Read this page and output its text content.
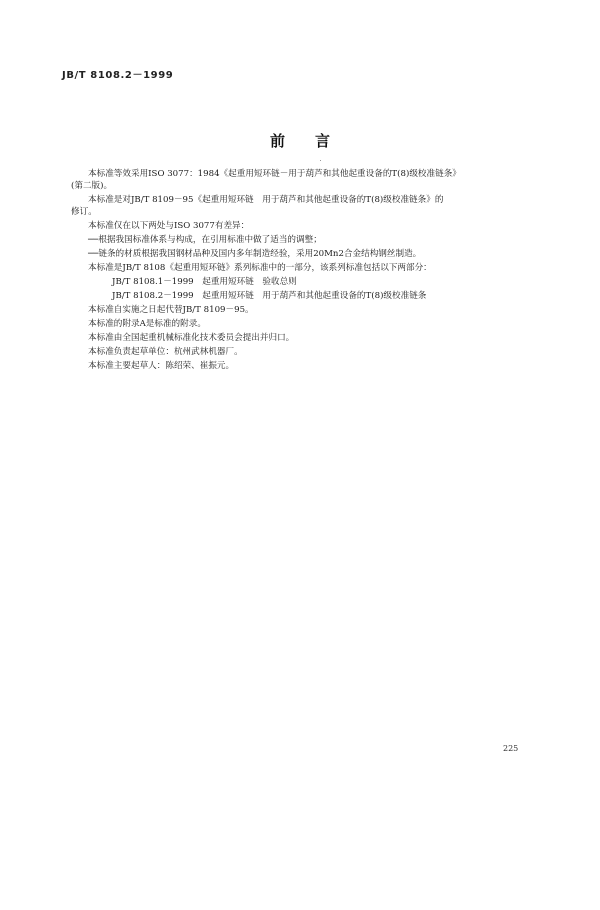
JB/T 8108.2－1999
前言
本标准等效采用ISO 3077：1984《起重用短环链－用于葫芦和其他起重设备的T(8)级校准链条》
(第二版)。
本标准是对JB/T 8109－95《起重用短环链　用于葫芦和其他起重设备的T(8)级校准链条》的
修订。
本标准仅在以下两处与ISO 3077有差异：
──根据我国标准体系与构成，在引用标准中做了适当的调整；
──链条的材质根据我国钢材品种及国内多年制造经验，采用20Mn2合金结构钢丝制造。
本标准是JB/T 8108《起重用短环链》系列标准中的一部分，该系列标准包括以下两部分：
JB/T 8108.1－1999　起重用短环链　验收总则
JB/T 8108.2－1999　起重用短环链　用于葫芦和其他起重设备的T(8)级校准链条
本标准自实施之日起代替JB/T 8109－95。
本标准的附录A是标准的附录。
本标准由全国起重机械标准化技术委员会提出并归口。
本标准负责起草单位：杭州武林机器厂。
本标准主要起草人：陈绍荣、崔振元。
225
